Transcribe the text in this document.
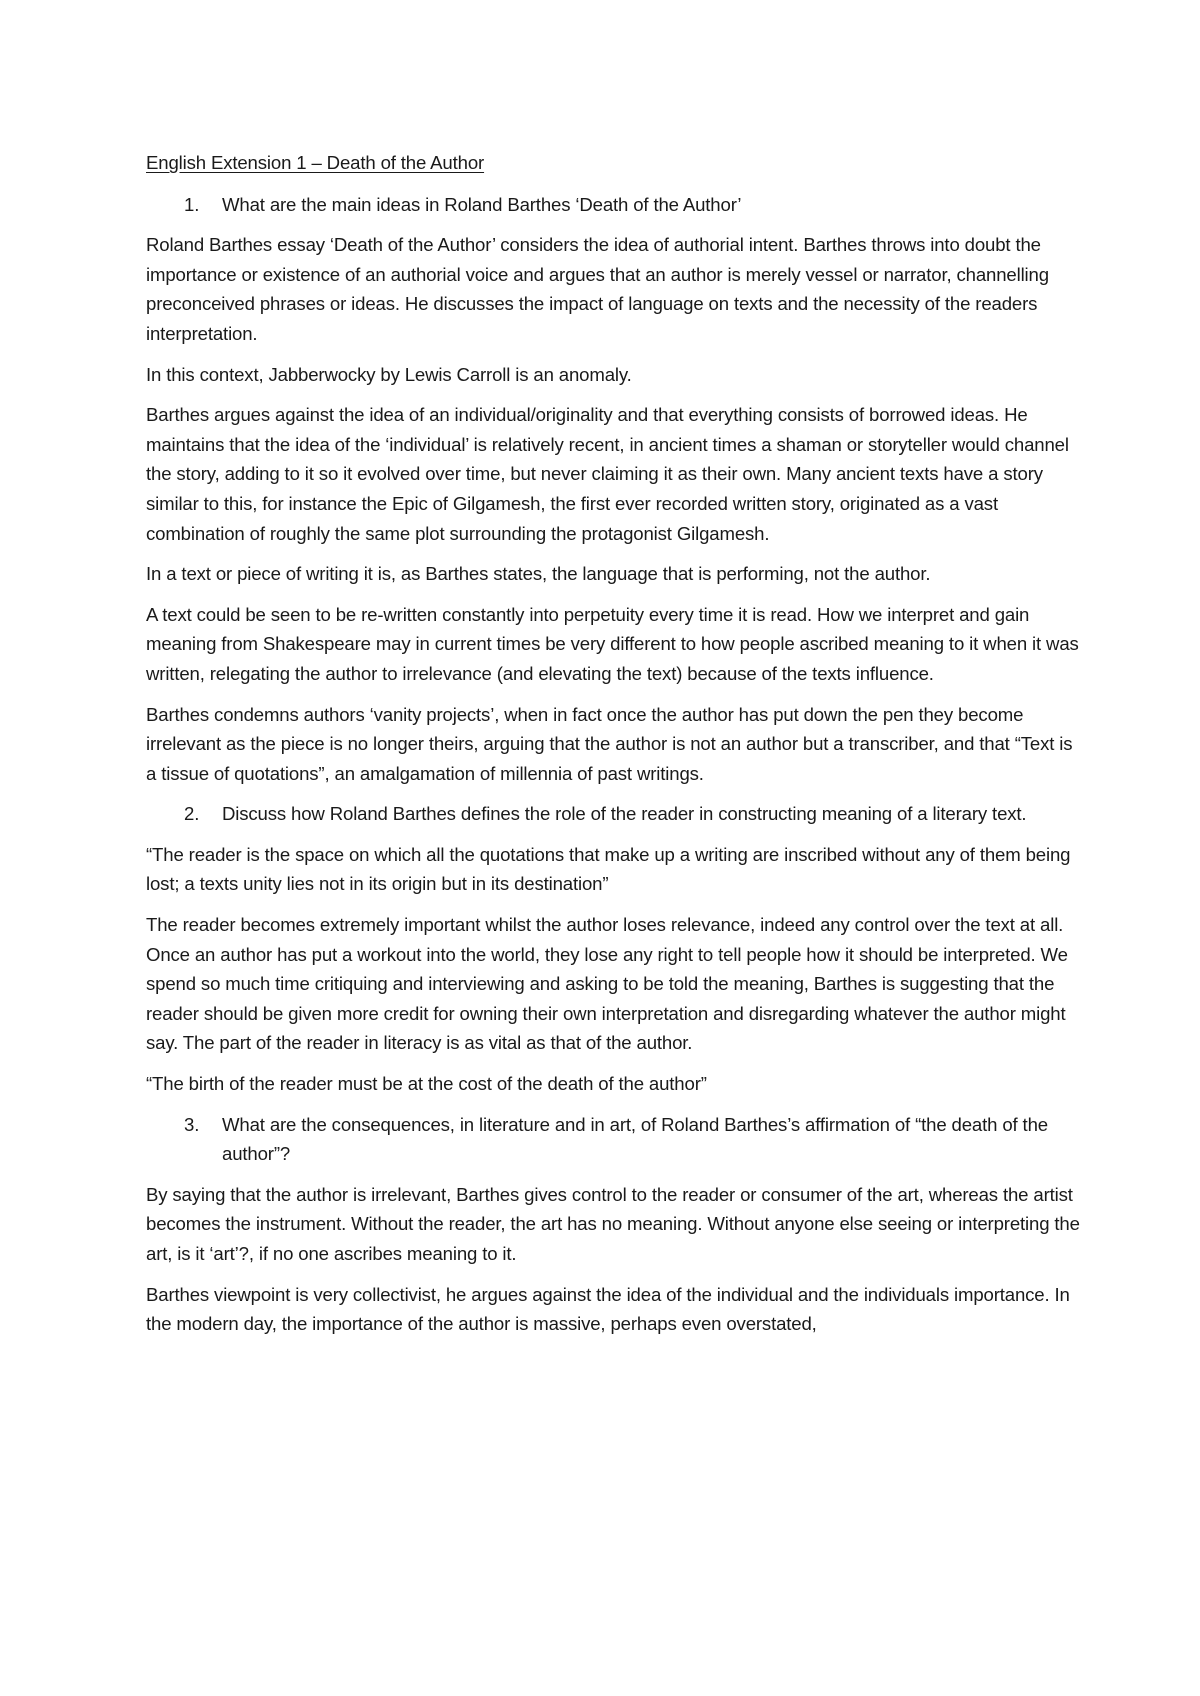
English Extension 1 – Death of the Author
1.	What are the main ideas in Roland Barthes ‘Death of the Author’

Roland Barthes essay ‘Death of the Author’ considers the idea of authorial intent. Barthes throws into doubt the importance or existence of an authorial voice and argues that an author is merely vessel or narrator, channelling preconceived phrases or ideas. He discusses the impact of language on texts and the necessity of the readers interpretation.

In this context, Jabberwocky by Lewis Carroll is an anomaly.

Barthes argues against the idea of an individual/originality and that everything consists of borrowed ideas. He maintains that the idea of the ‘individual’ is relatively recent, in ancient times a shaman or storyteller would channel the story, adding to it so it evolved over time, but never claiming it as their own. Many ancient texts have a story similar to this, for instance the Epic of Gilgamesh, the first ever recorded written story, originated as a vast combination of roughly the same plot surrounding the protagonist Gilgamesh.

In a text or piece of writing it is, as Barthes states, the language that is performing, not the author.

A text could be seen to be re-written constantly into perpetuity every time it is read. How we interpret and gain meaning from Shakespeare may in current times be very different to how people ascribed meaning to it when it was written, relegating the author to irrelevance (and elevating the text) because of the texts influence.

Barthes condemns authors ‘vanity projects’, when in fact once the author has put down the pen they become irrelevant as the piece is no longer theirs, arguing that the author is not an author but a transcriber, and that “Text is a tissue of quotations”, an amalgamation of millennia of past writings.

2.	Discuss how Roland Barthes defines the role of the reader in constructing meaning of a literary text.

“The reader is the space on which all the quotations that make up a writing are inscribed without any of them being lost; a texts unity lies not in its origin but in its destination”

The reader becomes extremely important whilst the author loses relevance, indeed any control over the text at all. Once an author has put a workout into the world, they lose any right to tell people how it should be interpreted. We spend so much time critiquing and interviewing and asking to be told the meaning, Barthes is suggesting that the reader should be given more credit for owning their own interpretation and disregarding whatever the author might say. The part of the reader in literacy is as vital as that of the author.

“The birth of the reader must be at the cost of the death of the author”

3.	What are the consequences, in literature and in art, of Roland Barthes’s affirmation of “the death of the author”?

By saying that the author is irrelevant, Barthes gives control to the reader or consumer of the art, whereas the artist becomes the instrument. Without the reader, the art has no meaning. Without anyone else seeing or interpreting the art, is it ‘art’?, if no one ascribes meaning to it.

Barthes viewpoint is very collectivist, he argues against the idea of the individual and the individuals importance. In the modern day, the importance of the author is massive, perhaps even overstated,
